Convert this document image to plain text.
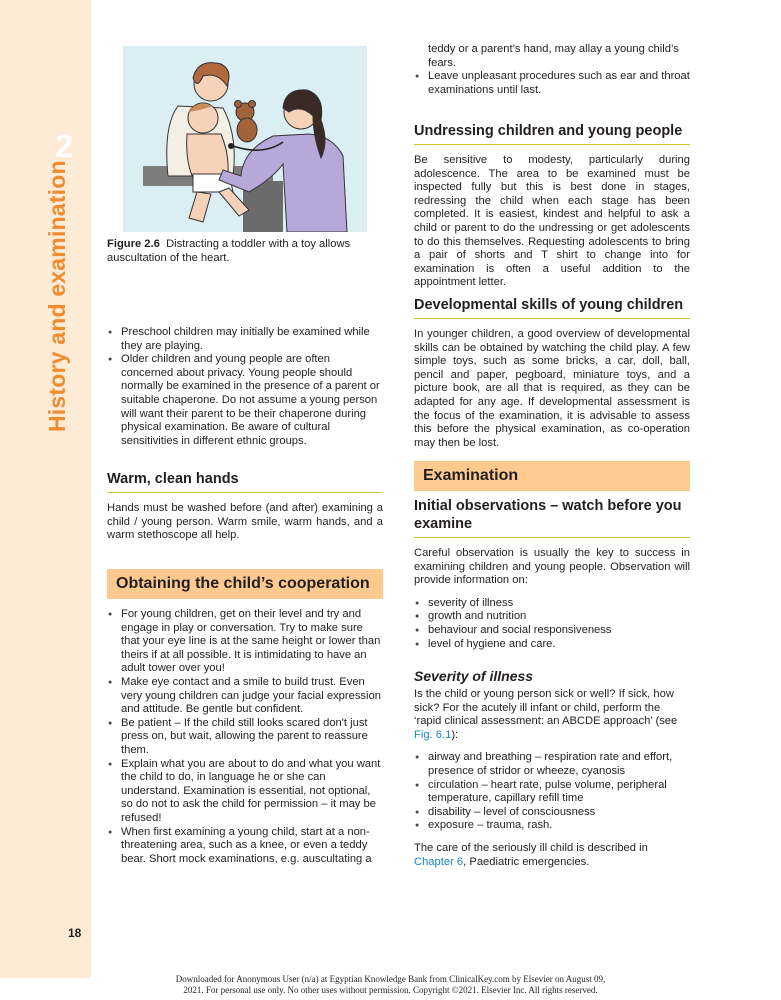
2
History and examination
18
Figure 2.6 Distracting a toddler with a toy allows auscultation of the heart.
● Preschool children may initially be examined while they are playing.
● Older children and young people are often concerned about privacy. Young people should normally be examined in the presence of a parent or suitable chaperone. Do not assume a young person will want their parent to be their chaperone during physical examination. Be aware of cultural sensitivities in different ethnic groups.
Warm, clean hands

Hands must be washed before (and after) examining a child / young person. Warm smile, warm hands, and a warm stethoscope all help.

Obtaining the child’s cooperation
● For young children, get on their level and try and engage in play or conversation. Try to make sure that your eye line is at the same height or lower than theirs if at all possible. It is intimidating to have an adult tower over you!
● Make eye contact and a smile to build trust. Even very young children can judge your facial expression and attitude. Be gentle but confident.
● Be patient – If the child still looks scared don't just press on, but wait, allowing the parent to reassure them.
● Explain what you are about to do and what you want the child to do, in language he or she can understand. Examination is essential, not optional, so do not to ask the child for permission – it may be refused!
● When first examining a young child, start at a non-threatening area, such as a knee, or even a teddy bear. Short mock examinations, e.g. auscultating a
teddy or a parent’s hand, may allay a young child’s fears.
● Leave unpleasant procedures such as ear and throat examinations until last.
Undressing children and young people

Be sensitive to modesty, particularly during adolescence. The area to be examined must be inspected fully but this is best done in stages, redressing the child when each stage has been completed. It is easiest, kindest and helpful to ask a child or parent to do the undressing or get adolescents to do this themselves. Requesting adolescents to bring a pair of shorts and T shirt to change into for examination is often a useful addition to the appointment letter.

Developmental skills of young children

In younger children, a good overview of developmental skills can be obtained by watching the child play. A few simple toys, such as some bricks, a car, doll, ball, pencil and paper, pegboard, miniature toys, and a picture book, are all that is required, as they can be adapted for any age. If developmental assessment is the focus of the examination, it is advisable to assess this before the physical examination, as co-operation may then be lost.

Examination
Initial observations – watch before you examine

Careful observation is usually the key to success in examining children and young people. Observation will provide information on:

● severity of illness
● growth and nutrition
● behaviour and social responsiveness
● level of hygiene and care.
Severity of illness

Is the child or young person sick or well? If sick, how sick? For the acutely ill infant or child, perform the ‘rapid clinical assessment: an ABCDE approach’ (see Fig. 6.1):

● airway and breathing – respiration rate and effort, presence of stridor or wheeze, cyanosis
● circulation – heart rate, pulse volume, peripheral temperature, capillary refill time
● disability – level of consciousness
● exposure – trauma, rash.

The care of the seriously ill child is described in Chapter 6, Paediatric emergencies.

Downloaded for Anonymous User (n/a) at Egyptian Knowledge Bank from ClinicalKey.com by Elsevier on August 09,
2021. For personal use only. No other uses without permission. Copyright ©2021. Elsevier Inc. All rights reserved.
